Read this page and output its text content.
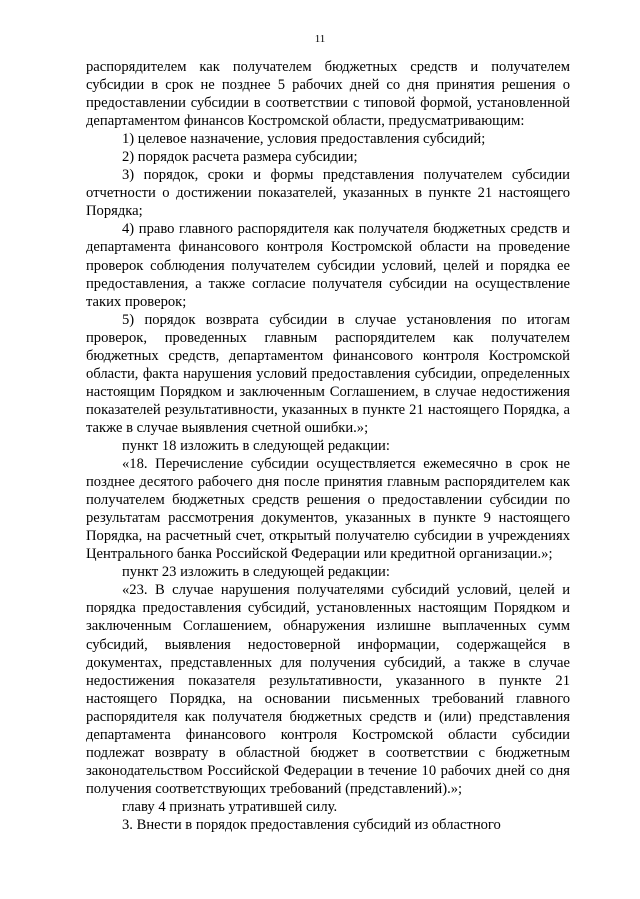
11

распорядителем как получателем бюджетных средств и получателем субсидии в срок не позднее 5 рабочих дней со дня принятия решения о предоставлении субсидии в соответствии с типовой формой, установленной департаментом финансов Костромской области, предусматривающим:

1) целевое назначение, условия предоставления субсидий;

2) порядок расчета размера субсидии;

3) порядок, сроки и формы представления получателем субсидии отчетности о достижении показателей, указанных в пункте 21 настоящего Порядка;

4) право главного распорядителя как получателя бюджетных средств и департамента финансового контроля Костромской области на проведение проверок соблюдения получателем субсидии условий, целей и порядка ее предоставления, а также согласие получателя субсидии на осуществление таких проверок;

5) порядок возврата субсидии в случае установления по итогам проверок, проведенных главным распорядителем как получателем бюджетных средств, департаментом финансового контроля Костромской области, факта нарушения условий предоставления субсидии, определенных настоящим Порядком и заключенным Соглашением, в случае недостижения показателей результативности, указанных в пункте 21 настоящего Порядка, а также в случае выявления счетной ошибки.»;

пункт 18 изложить в следующей редакции:

«18. Перечисление субсидии осуществляется ежемесячно в срок не позднее десятого рабочего дня после принятия главным распорядителем как получателем бюджетных средств решения о предоставлении субсидии по результатам рассмотрения документов, указанных в пункте 9 настоящего Порядка, на расчетный счет, открытый получателю субсидии в учреждениях Центрального банка Российской Федерации или кредитной организации.»;

пункт 23 изложить в следующей редакции:

«23. В случае нарушения получателями субсидий условий, целей и порядка предоставления субсидий, установленных настоящим Порядком и заключенным Соглашением, обнаружения излишне выплаченных сумм субсидий, выявления недостоверной информации, содержащейся в документах, представленных для получения субсидий, а также в случае недостижения показателя результативности, указанного в пункте 21 настоящего Порядка, на основании письменных требований главного распорядителя как получателя бюджетных средств и (или) представления департамента финансового контроля Костромской области субсидии подлежат возврату в областной бюджет в соответствии с бюджетным законодательством Российской Федерации в течение 10 рабочих дней со дня получения соответствующих требований (представлений).»;

главу 4 признать утратившей силу.

3. Внести в порядок предоставления субсидий из областного
